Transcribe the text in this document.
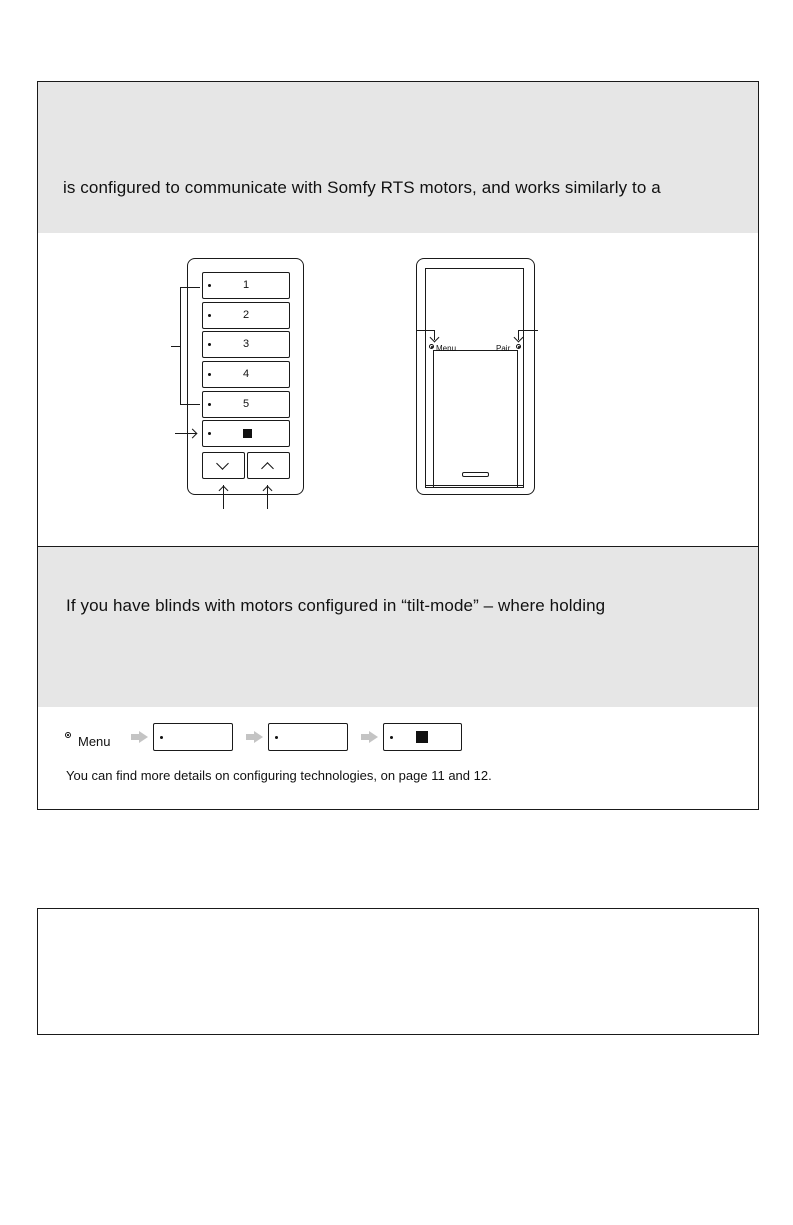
is configured to communicate with Somfy RTS motors, and works similarly to a
1
2
3
4
5
Menu	Pair
If you have blinds with motors configured in “tilt-mode” – where holding
Menu
You can find more details on configuring technologies, on page 11 and 12.
